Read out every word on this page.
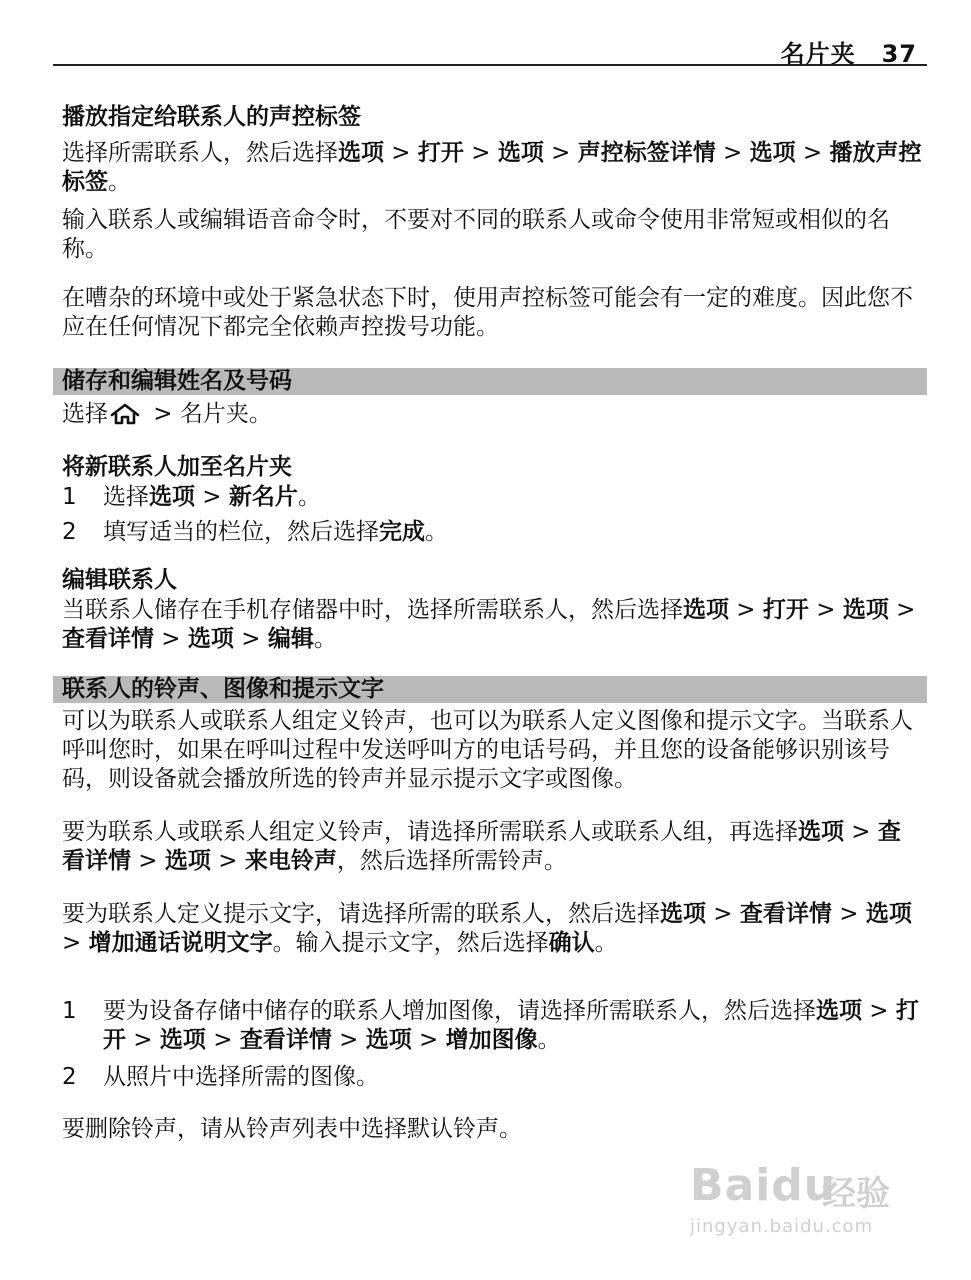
名片夹 37

播放指定给联系人的声控标签

选择所需联系人，然后选择选项 > 打开 > 选项 > 声控标签详情 > 选项 > 播放声控标签。

输入联系人或编辑语音命令时，不要对不同的联系人或命令使用非常短或相似的名称。

在嘈杂的环境中或处于紧急状态下时，使用声控标签可能会有一定的难度。因此您不应在任何情况下都完全依赖声控拨号功能。

储存和编辑姓名及号码

选择 > 名片夹。

将新联系人加至名片夹

1 选择选项 > 新名片。
2 填写适当的栏位，然后选择完成。

编辑联系人

当联系人储存在手机存储器中时，选择所需联系人，然后选择选项 > 打开 > 选项 > 查看详情 > 选项 > 编辑。

联系人的铃声、图像和提示文字

可以为联系人或联系人组定义铃声，也可以为联系人定义图像和提示文字。当联系人呼叫您时，如果在呼叫过程中发送呼叫方的电话号码，并且您的设备能够识别该号码，则设备就会播放所选的铃声并显示提示文字或图像。

要为联系人或联系人组定义铃声，请选择所需联系人或联系人组，再选择选项 > 查看详情 > 选项 > 来电铃声，然后选择所需铃声。

要为联系人定义提示文字，请选择所需的联系人，然后选择选项 > 查看详情 > 选项 > 增加通话说明文字。输入提示文字，然后选择确认。

1 要为设备存储中储存的联系人增加图像，请选择所需联系人，然后选择选项 > 打开 > 选项 > 查看详情 > 选项 > 增加图像。
2 从照片中选择所需的图像。

要删除铃声，请从铃声列表中选择默认铃声。

Baidu
经验
jingyan.baidu.com
